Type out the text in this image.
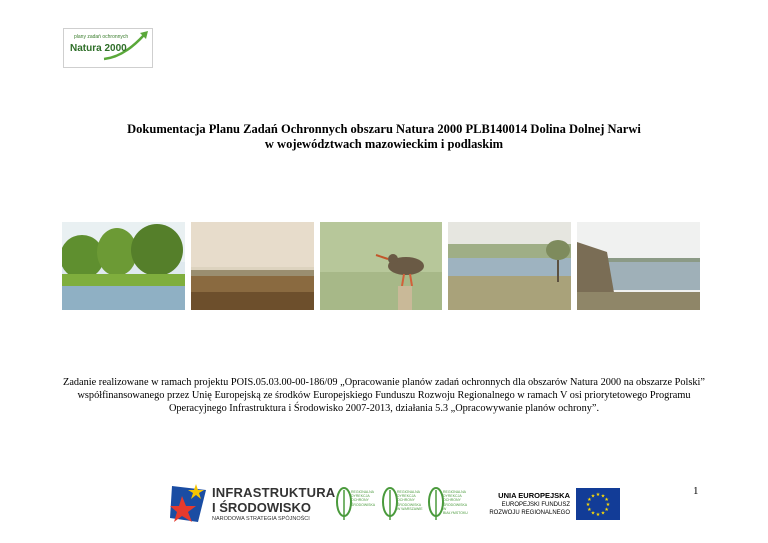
plany zadań ochronnych
Natura 2000
Dokumentacja Planu Zadań Ochronnych obszaru Natura 2000 PLB140014 Dolina Dolnej Narwi
w województwach mazowieckim i podlaskim
Zadanie realizowane w ramach projektu POIS.05.03.00-00-186/09 „Opracowanie planów zadań ochronnych dla obszarów Natura 2000 na obszarze Polski” współfinansowanego przez Unię Europejską ze środków Europejskiego Funduszu Rozwoju Regionalnego w ramach V osi priorytetowego Programu Operacyjnego Infrastruktura i Środowisko 2007-2013, działania 5.3 „Opracowywanie planów ochrony”.
INFRASTRUKTURA
I ŚRODOWISKO
NARODOWA STRATEGIA SPÓJNOŚCI
REGIONALNA DYREKCJA OCHRONY ŚRODOWISKA
REGIONALNA DYREKCJA OCHRONY ŚRODOWISKA W WARSZAWIE
REGIONALNA DYREKCJA OCHRONY ŚRODOWISKA W BIAŁYMSTOKU
UNIA EUROPEJSKA
EUROPEJSKI FUNDUSZ
ROZWOJU REGIONALNEGO
★ ★
★
★
★
★
★
★
★
★
★
★	1
